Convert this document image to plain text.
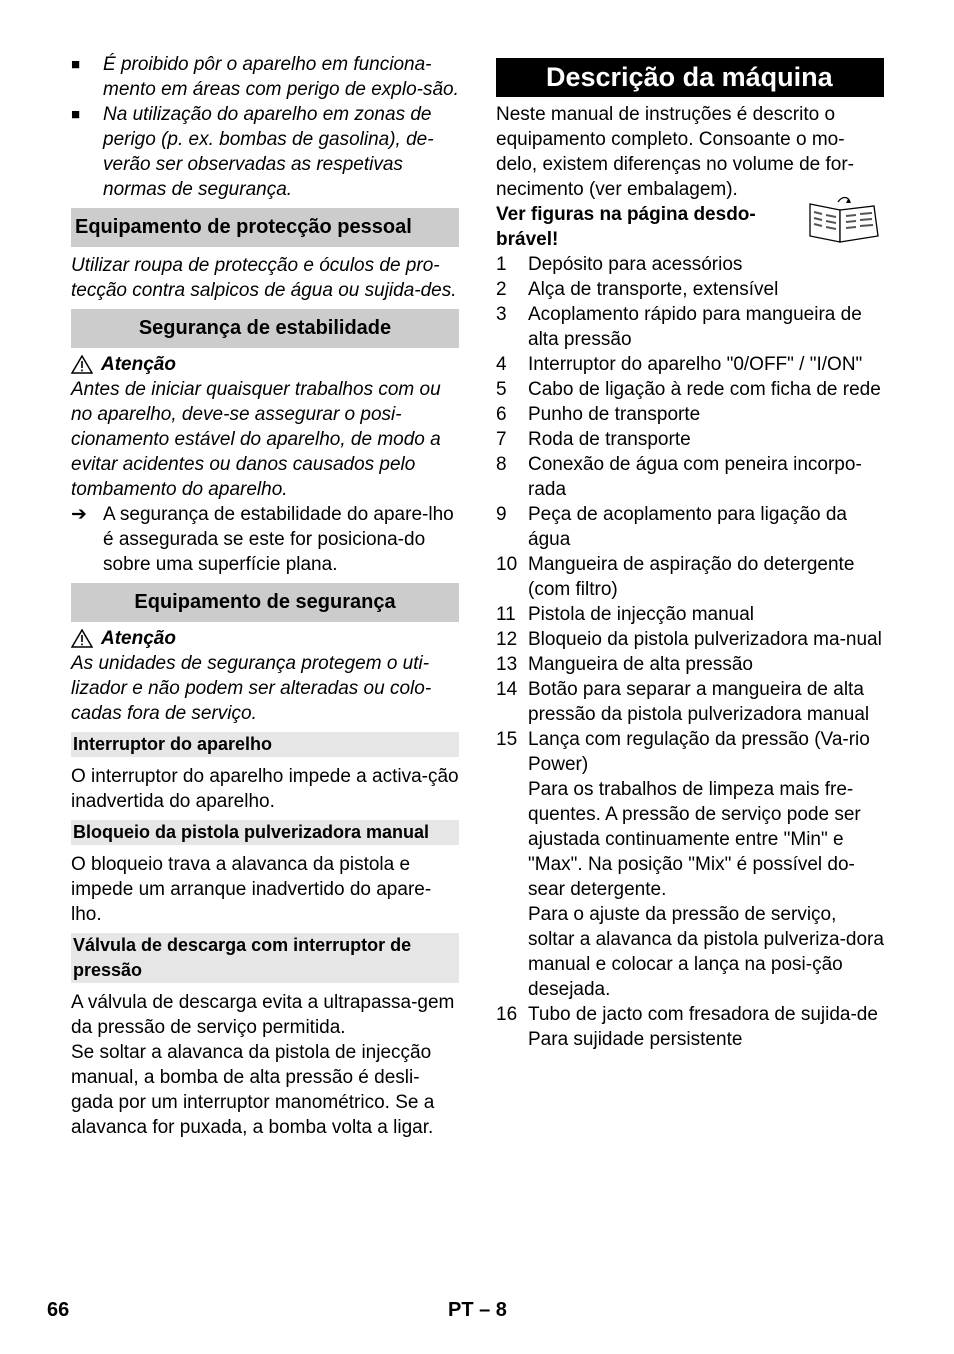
■	É proibido pôr o aparelho em funciona-mento em áreas com perigo de explo-são.
■	Na utilização do aparelho em zonas de perigo (p. ex. bombas de gasolina), de-verão ser observadas as respetivas normas de segurança.
Equipamento de protecção pessoal
Utilizar roupa de protecção e óculos de pro-tecção contra salpicos de água ou sujida-des.
Segurança de estabilidade
Atenção
Antes de iniciar quaisquer trabalhos com ou no aparelho, deve-se assegurar o posi-cionamento estável do aparelho, de modo a evitar acidentes ou danos causados pelo tombamento do aparelho.
➔ A segurança de estabilidade do apare-lho é assegurada se este for posiciona-do sobre uma superfície plana.
Equipamento de segurança
Atenção
As unidades de segurança protegem o uti-lizador e não podem ser alteradas ou colo-cadas fora de serviço.
Interruptor do aparelho
O interruptor do aparelho impede a activa-ção inadvertida do aparelho.
Bloqueio da pistola pulverizadora manual
O bloqueio trava a alavanca da pistola e impede um arranque inadvertido do apare-lho.
Válvula de descarga com interruptor de pressão
A válvula de descarga evita a ultrapassa-gem da pressão de serviço permitida.
Se soltar a alavanca da pistola de injecção manual, a bomba de alta pressão é desli-gada por um interruptor manométrico. Se a alavanca for puxada, a bomba volta a ligar.
Descrição da máquina
Neste manual de instruções é descrito o equipamento completo. Consoante o mo-delo, existem diferenças no volume de for-necimento (ver embalagem).
Ver figuras na página desdo-brável!
1	Depósito para acessórios
2	Alça de transporte, extensível
3	Acoplamento rápido para mangueira de alta pressão
4	Interruptor do aparelho "0/OFF" / "I/ON"
5	Cabo de ligação à rede com ficha de rede
6	Punho de transporte
7	Roda de transporte
8	Conexão de água com peneira incorpo-rada
9	Peça de acoplamento para ligação da água
10 Mangueira de aspiração do detergente (com filtro)
11 Pistola de injecção manual
12 Bloqueio da pistola pulverizadora ma-nual
13 Mangueira de alta pressão
14 Botão para separar a mangueira de alta pressão da pistola pulverizadora manual
15 Lança com regulação da pressão (Va-rio Power)
Para os trabalhos de limpeza mais fre-quentes. A pressão de serviço pode ser ajustada continuamente entre "Min" e "Max". Na posição "Mix" é possível do-sear detergente.
Para o ajuste da pressão de serviço, soltar a alavanca da pistola pulveriza-dora manual e colocar a lança na posi-ção desejada.
16 Tubo de jacto com fresadora de sujida-de
Para sujidade persistente
66	PT – 8
